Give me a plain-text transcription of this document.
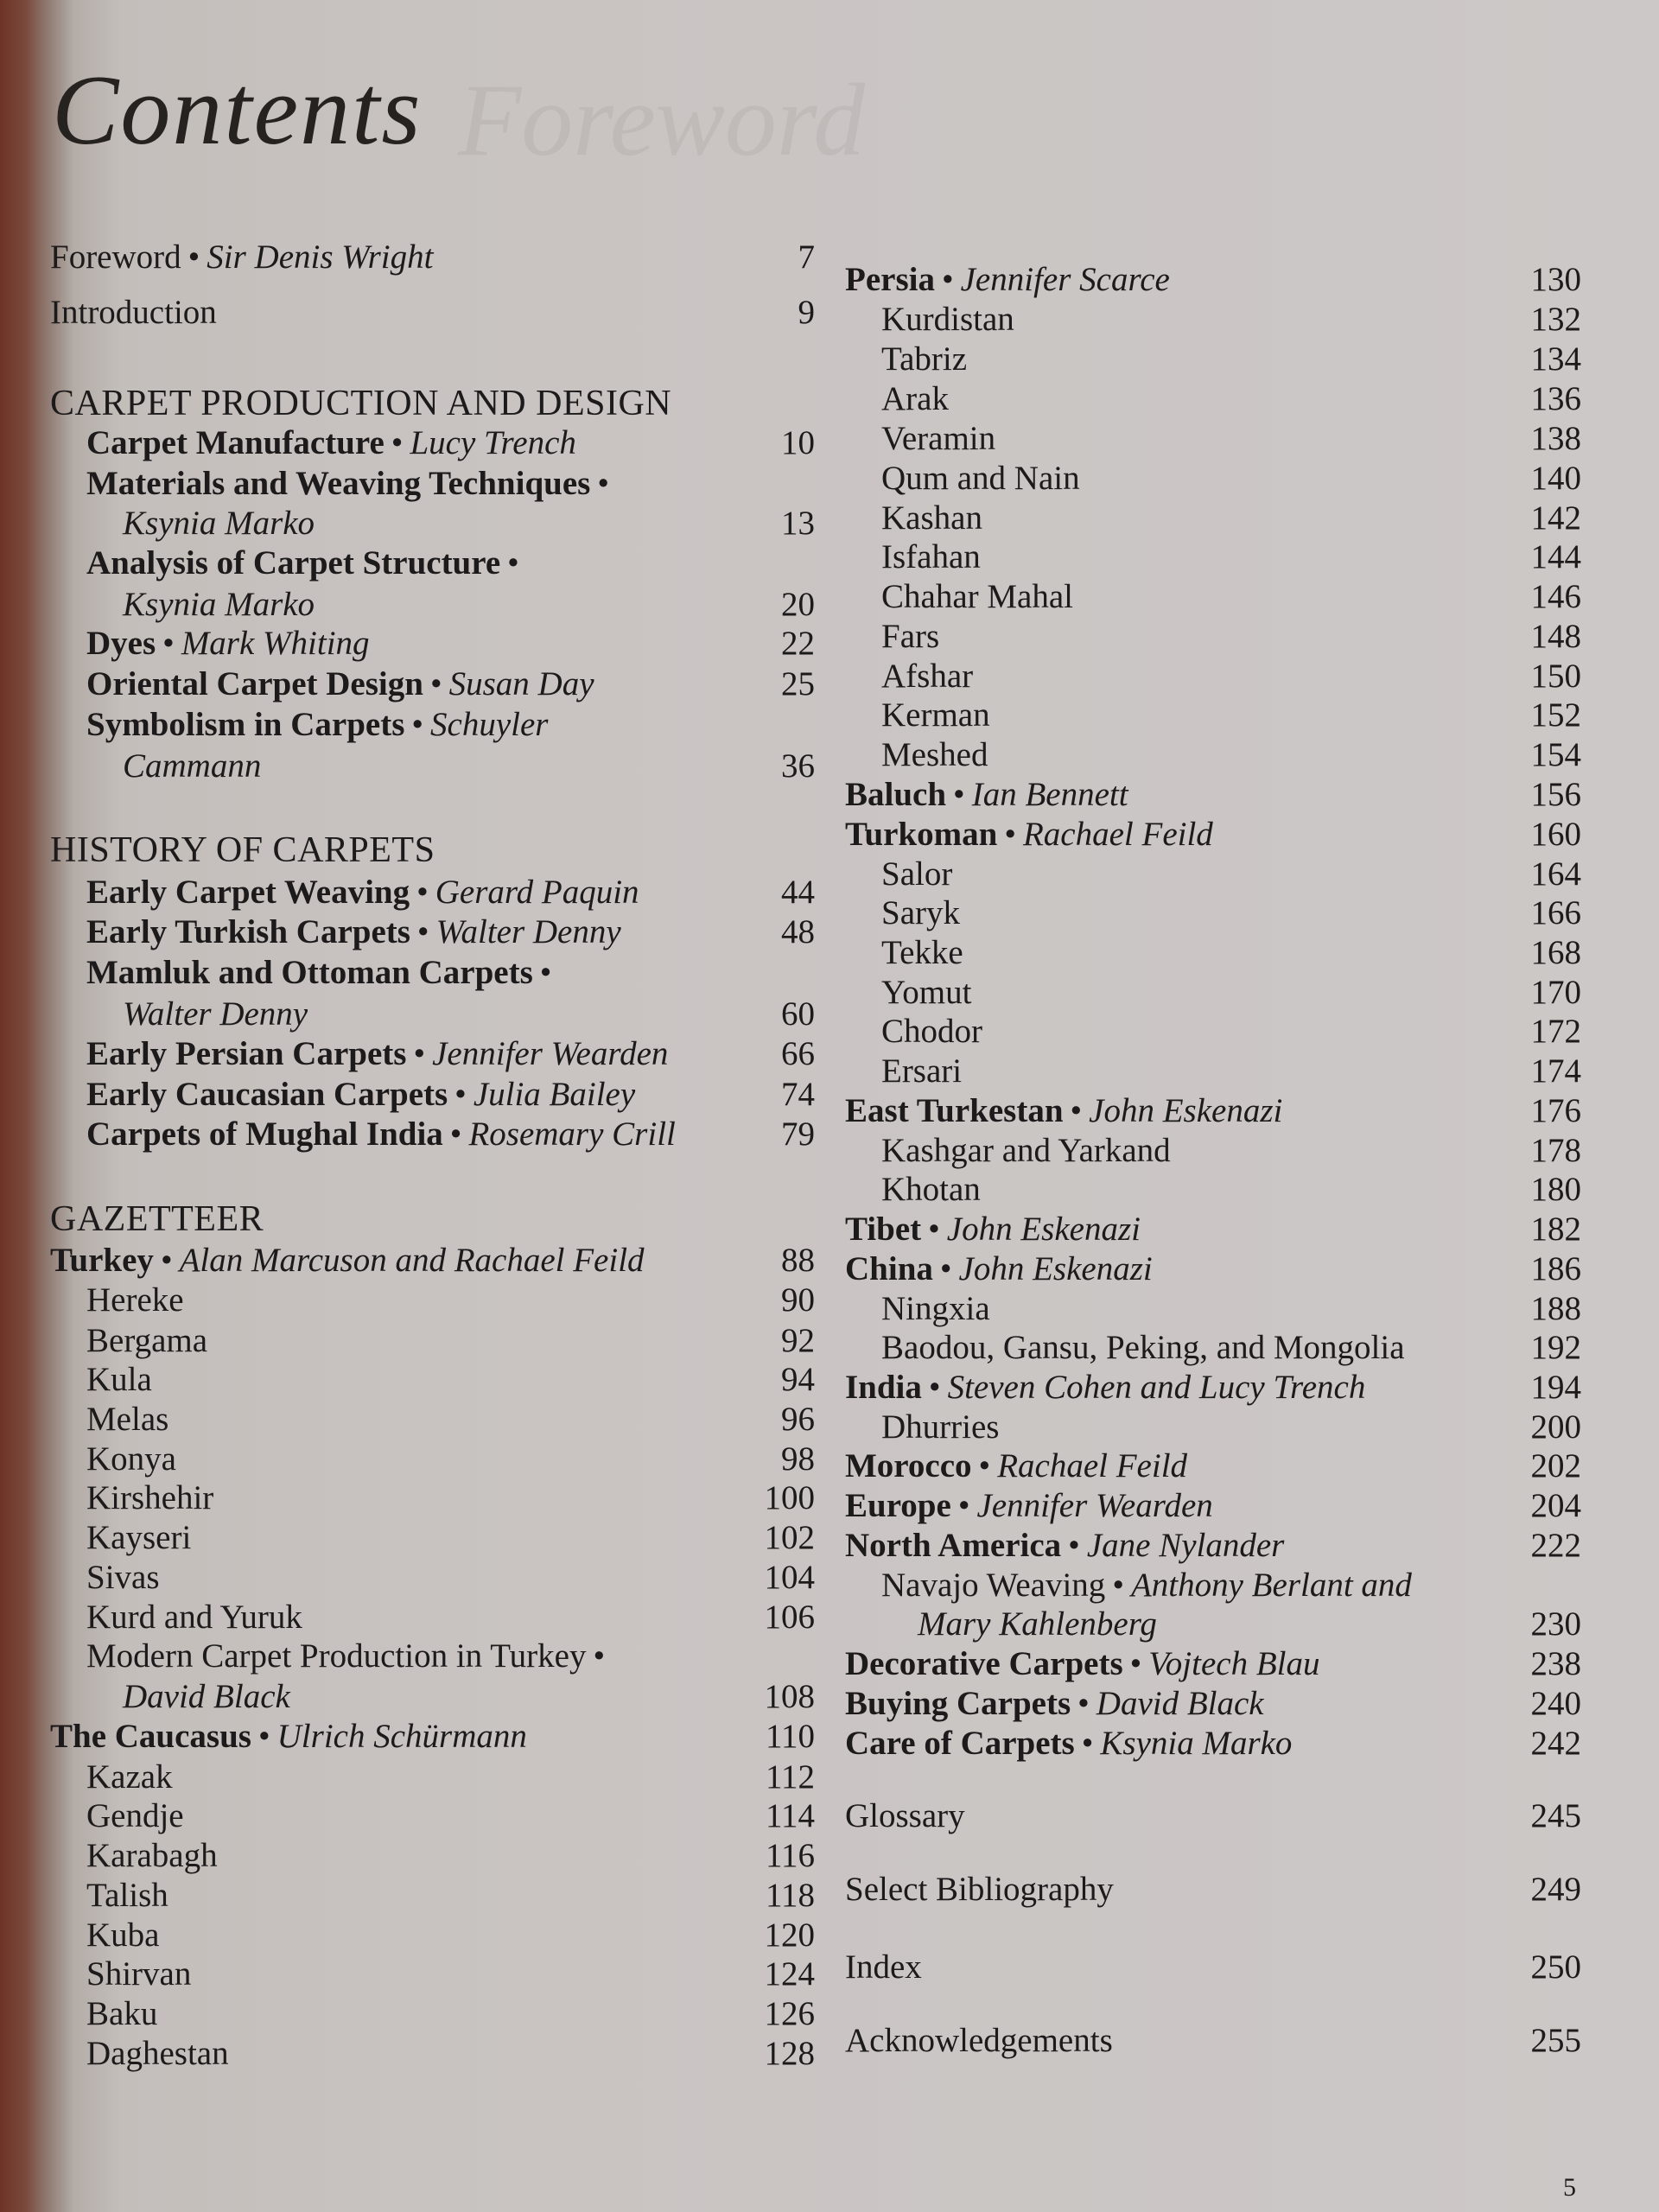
Foreword
Contents
Foreword • Sir Denis Wright	7
Introduction	9
CARPET PRODUCTION AND DESIGN
Carpet Manufacture • Lucy Trench	10
Materials and Weaving Techniques •
Ksynia Marko	13
Analysis of Carpet Structure •
Ksynia Marko	20
Dyes • Mark Whiting	22
Oriental Carpet Design • Susan Day	25
Symbolism in Carpets • Schuyler
Cammann	36
HISTORY OF CARPETS
Early Carpet Weaving • Gerard Paquin	44
Early Turkish Carpets • Walter Denny	48
Mamluk and Ottoman Carpets •
Walter Denny	60
Early Persian Carpets • Jennifer Wearden	66
Early Caucasian Carpets • Julia Bailey	74
Carpets of Mughal India • Rosemary Crill	79
GAZETTEER
Turkey • Alan Marcuson and Rachael Feild	88
Hereke	90
Bergama	92
Kula	94
Melas	96
Konya	98
Kirshehir	100
Kayseri	102
Sivas	104
Kurd and Yuruk	106
Modern Carpet Production in Turkey •
David Black	108
The Caucasus • Ulrich Schürmann	110
Kazak	112
Gendje	114
Karabagh	116
Talish	118
Kuba	120
Shirvan	124
Baku	126
Daghestan	128
Persia • Jennifer Scarce	130
Kurdistan	132
Tabriz	134
Arak	136
Veramin	138
Qum and Nain	140
Kashan	142
Isfahan	144
Chahar Mahal	146
Fars	148
Afshar	150
Kerman	152
Meshed	154
Baluch • Ian Bennett	156
Turkoman • Rachael Feild	160
Salor	164
Saryk	166
Tekke	168
Yomut	170
Chodor	172
Ersari	174
East Turkestan • John Eskenazi	176
Kashgar and Yarkand	178
Khotan	180
Tibet • John Eskenazi	182
China • John Eskenazi	186
Ningxia	188
Baodou, Gansu, Peking, and Mongolia	192
India • Steven Cohen and Lucy Trench	194
Dhurries	200
Morocco • Rachael Feild	202
Europe • Jennifer Wearden	204
North America • Jane Nylander	222
Navajo Weaving • Anthony Berlant and
Mary Kahlenberg	230
Decorative Carpets • Vojtech Blau	238
Buying Carpets • David Black	240
Care of Carpets • Ksynia Marko	242
Glossary	245
Select Bibliography	249
Index	250
Acknowledgements	255
5
